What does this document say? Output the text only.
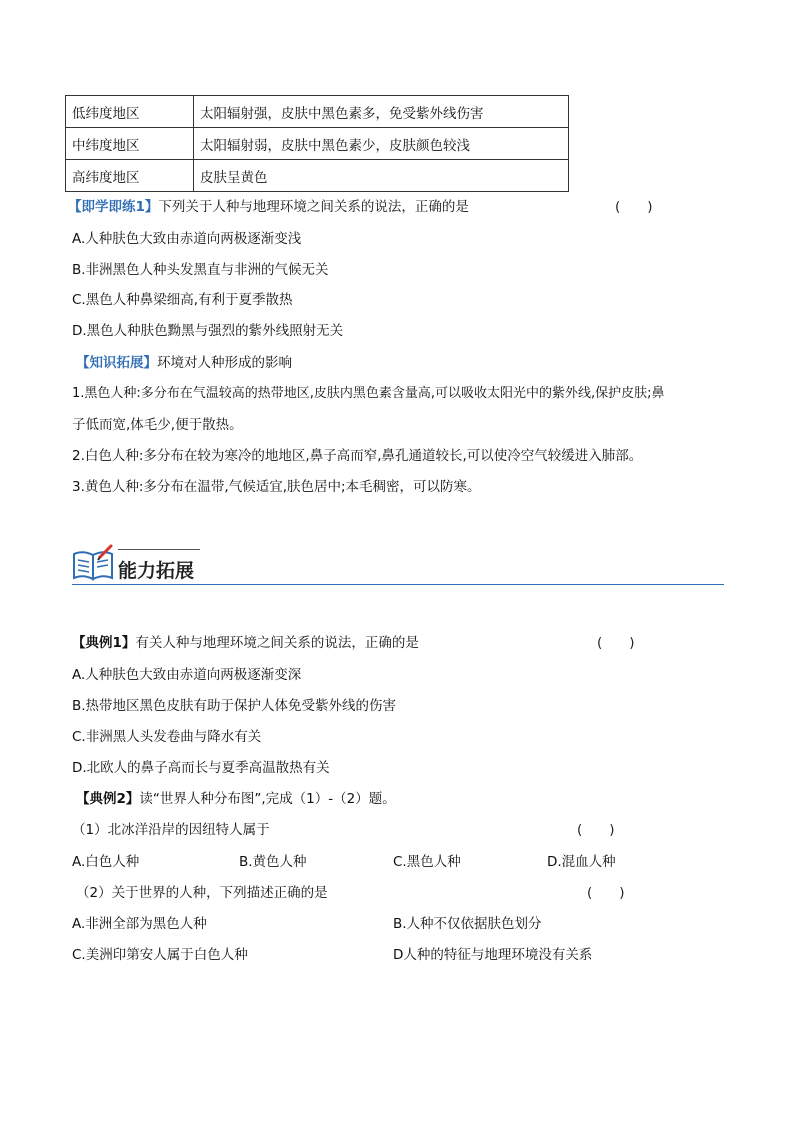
低纬度地区	太阳辐射强，皮肤中黑色素多，免受紫外线伤害
中纬度地区	太阳辐射弱，皮肤中黑色素少，皮肤颜色较浅
高纬度地区	皮肤呈黄色
【即学即练1】下列关于人种与地理环境之间关系的说法，正确的是	(　　)
A.人种肤色大致由赤道向两极逐渐变浅
B.非洲黑色人种头发黑直与非洲的气候无关
C.黑色人种鼻梁细高,有利于夏季散热
D.黑色人种肤色黝黑与强烈的紫外线照射无关
【知识拓展】环境对人种形成的影响
1.黑色人种:多分布在气温较高的热带地区,皮肤内黑色素含量高,可以吸收太阳光中的紫外线,保护皮肤;鼻
子低而宽,体毛少,便于散热。
2.白色人种:多分布在较为寒冷的地地区,鼻子高而窄,鼻孔通道较长,可以使冷空气较缓进入肺部。
3.黄色人种:多分布在温带,气候适宜,肤色居中;本毛稠密，可以防寒。
能力拓展
【典例1】有关人种与地理环境之间关系的说法，正确的是	(　　)
A.人种肤色大致由赤道向两极逐渐变深
B.热带地区黑色皮肤有助于保护人体免受紫外线的伤害
C.非洲黑人头发卷曲与降水有关
D.北欧人的鼻子高而长与夏季高温散热有关
【典例2】读“世界人种分布图”,完成（1）-（2）题。
（1）北冰洋沿岸的因纽特人属于	(　　)
A.白色人种	B.黄色人种	C.黑色人种	D.混血人种
（2）关于世界的人种，下列描述正确的是	(　　)
A.非洲全部为黑色人种	B.人种不仅依据肤色划分
C.美洲印第安人属于白色人种	D人种的特征与地理环境没有关系
